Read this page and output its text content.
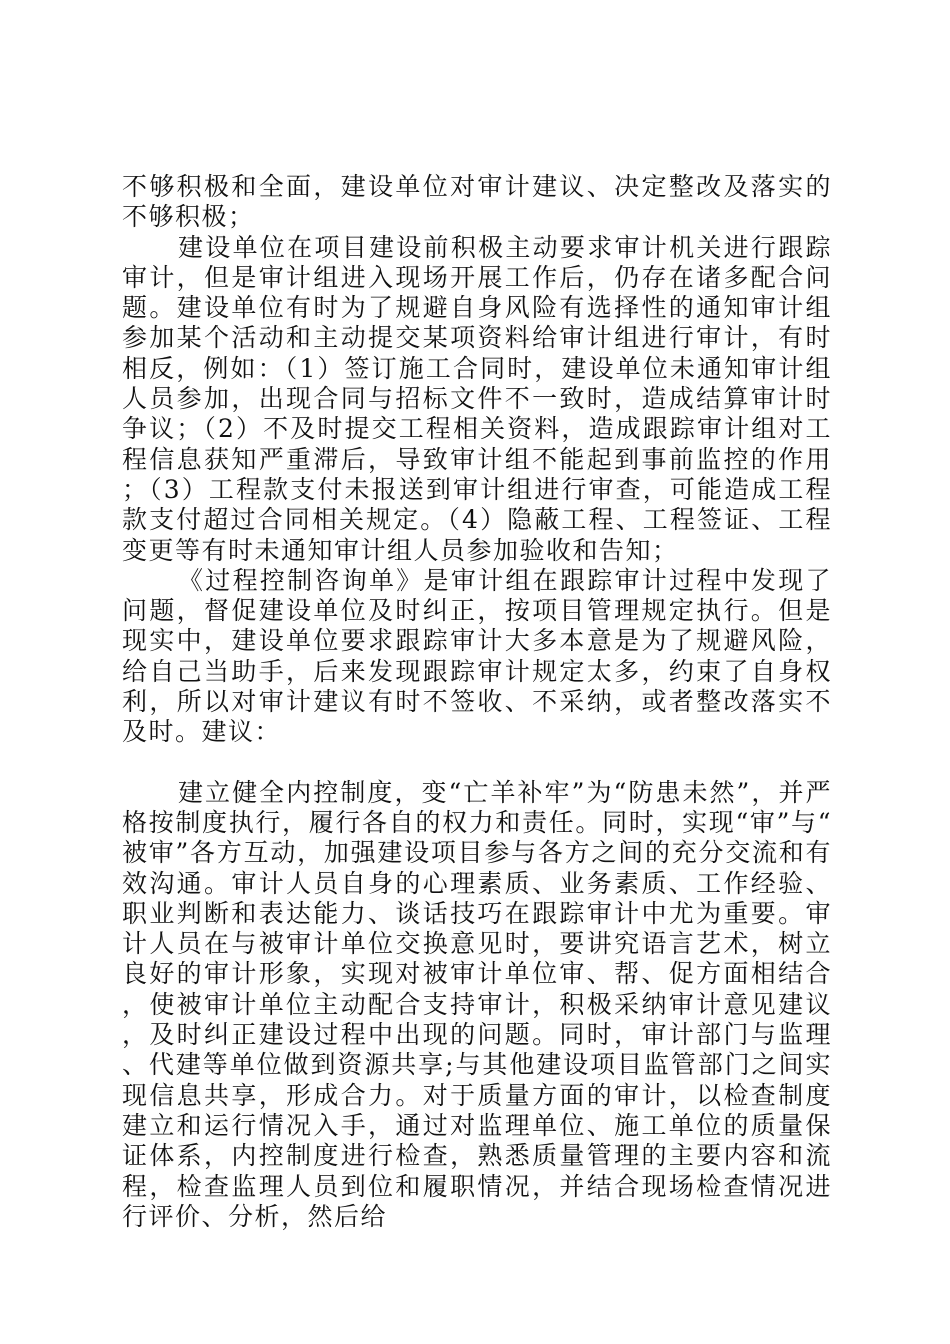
不够积极和全面，建设单位对审计建议、决定整改及落实的不够积极；

建设单位在项目建设前积极主动要求审计机关进行跟踪审计，但是审计组进入现场开展工作后，仍存在诸多配合问题。建设单位有时为了规避自身风险有选择性的通知审计组参加某个活动和主动提交某项资料给审计组进行审计，有时相反，例如：（1）签订施工合同时，建设单位未通知审计组人员参加，出现合同与招标文件不一致时，造成结算审计时争议；（2）不及时提交工程相关资料，造成跟踪审计组对工程信息获知严重滞后，导致审计组不能起到事前监控的作用；（3）工程款支付未报送到审计组进行审查，可能造成工程款支付超过合同相关规定。（4）隐蔽工程、工程签证、工程变更等有时未通知审计组人员参加验收和告知；

《过程控制咨询单》是审计组在跟踪审计过程中发现了问题，督促建设单位及时纠正，按项目管理规定执行。但是现实中，建设单位要求跟踪审计大多本意是为了规避风险，给自己当助手，后来发现跟踪审计规定太多，约束了自身权利，所以对审计建议有时不签收、不采纳，或者整改落实不及时。建议：

建立健全内控制度，变“亡羊补牢”为“防患未然”，并严格按制度执行，履行各自的权力和责任。同时，实现“审”与“被审”各方互动，加强建设项目参与各方之间的充分交流和有效沟通。审计人员自身的心理素质、业务素质、工作经验、职业判断和表达能力、谈话技巧在跟踪审计中尤为重要。审计人员在与被审计单位交换意见时，要讲究语言艺术，树立良好的审计形象，实现对被审计单位审、帮、促方面相结合，使被审计单位主动配合支持审计，积极采纳审计意见建议，及时纠正建设过程中出现的问题。同时，审计部门与监理、代建等单位做到资源共享;与其他建设项目监管部门之间实现信息共享，形成合力。对于质量方面的审计，以检查制度建立和运行情况入手，通过对监理单位、施工单位的质量保证体系，内控制度进行检查，熟悉质量管理的主要内容和流程，检查监理人员到位和履职情况，并结合现场检查情况进行评价、分析，然后给
